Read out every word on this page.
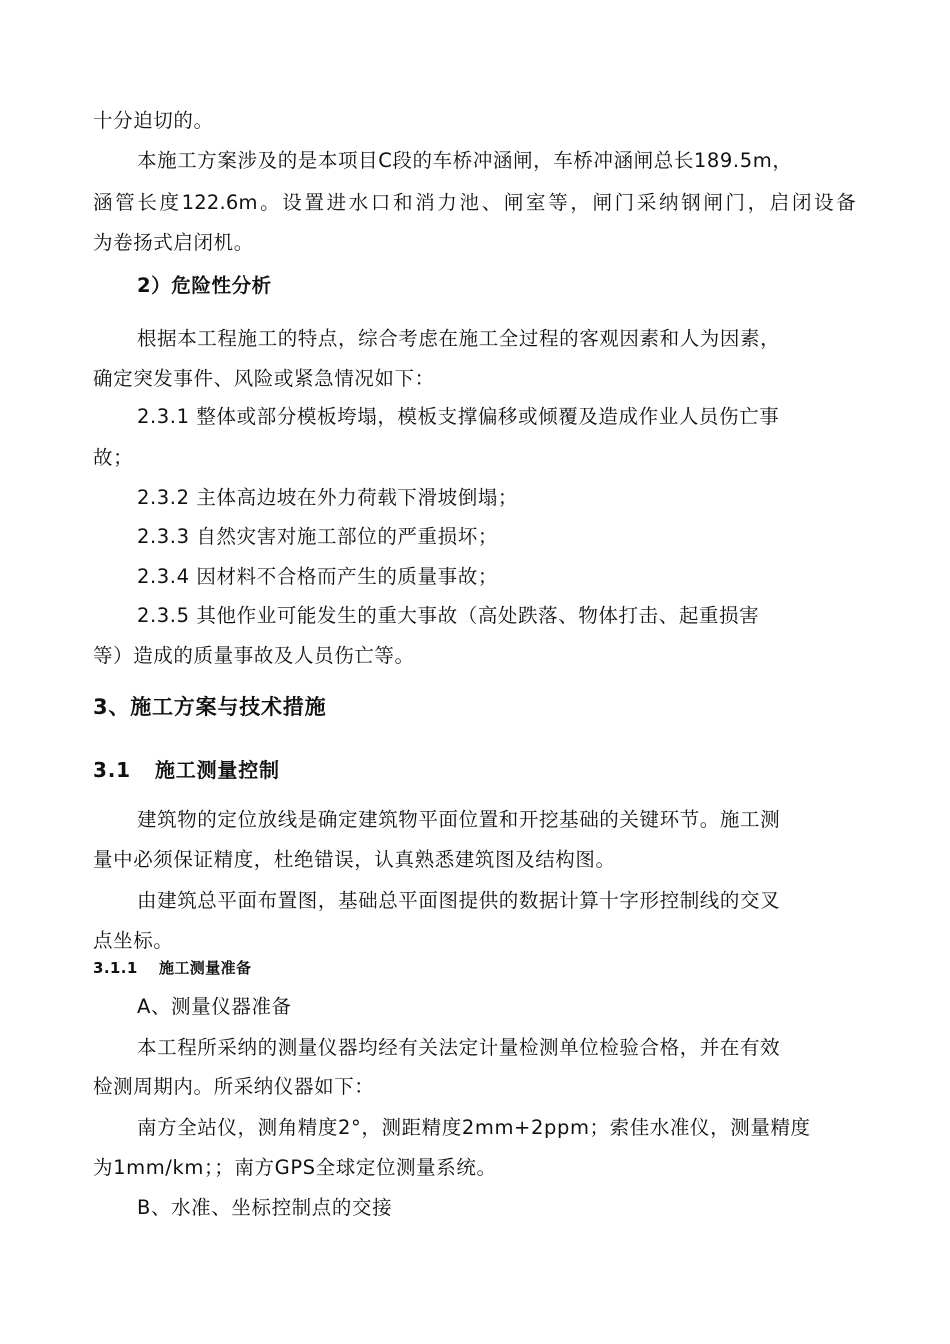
十分迫切的。
本施工方案涉及的是本项目C段的车桥冲涵闸，车桥冲涵闸总长189.5m，
涵管长度122.6m。设置进水口和消力池、闸室等，闸门采纳钢闸门，启闭设备
为卷扬式启闭机。
2）危险性分析
根据本工程施工的特点，综合考虑在施工全过程的客观因素和人为因素，
确定突发事件、风险或紧急情况如下：
2.3.1 整体或部分模板垮塌，模板支撑偏移或倾覆及造成作业人员伤亡事
故；
2.3.2 主体高边坡在外力荷载下滑坡倒塌；
2.3.3 自然灾害对施工部位的严重损坏；
2.3.4 因材料不合格而产生的质量事故；
2.3.5 其他作业可能发生的重大事故（高处跌落、物体打击、起重损害
等）造成的质量事故及人员伤亡等。
3、施工方案与技术措施
3.1 施工测量控制
建筑物的定位放线是确定建筑物平面位置和开挖基础的关键环节。施工测
量中必须保证精度，杜绝错误，认真熟悉建筑图及结构图。
由建筑总平面布置图，基础总平面图提供的数据计算十字形控制线的交叉
点坐标。
3.1.1 施工测量准备
A、测量仪器准备
本工程所采纳的测量仪器均经有关法定计量检测单位检验合格，并在有效
检测周期内。所采纳仪器如下：
南方全站仪，测角精度2°，测距精度2mm+2ppm；索佳水准仪，测量精度
为1mm/km；；南方GPS全球定位测量系统。
B、水准、坐标控制点的交接
